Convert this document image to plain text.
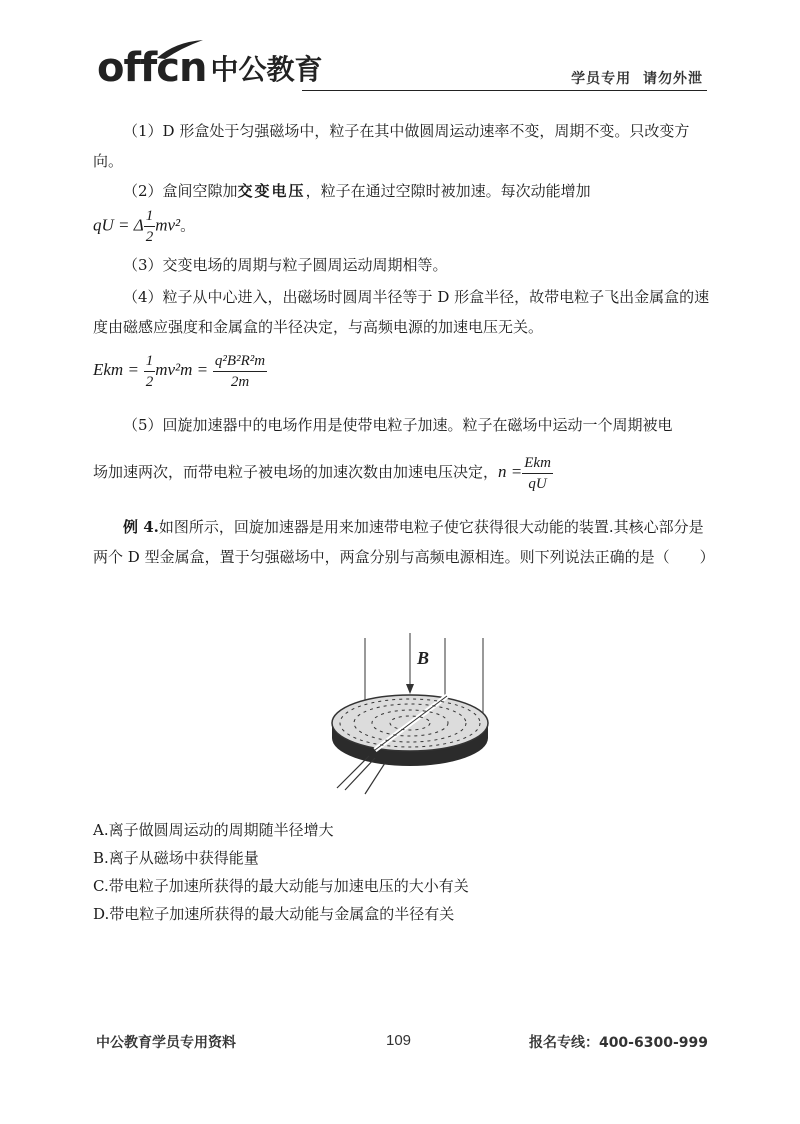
offcn 中公教育	学员专用 请勿外泄
（1）D 形盒处于匀强磁场中，粒子在其中做圆周运动速率不变，周期不变。只改变方向。
（2）盒间空隙加交变电压，粒子在通过空隙时被加速。每次动能增加
qU = Δ $\frac{1}{2} mv^2$。
（3）交变电场的周期与粒子圆周运动周期相等。
（4）粒子从中心进入，出磁场时圆周半径等于 D 形盒半径，故带电粒子飞出金属盒的速度由磁感应强度和金属盒的半径决定，与高频电源的加速电压无关。
Ekm = $\frac{1}{2} mv^2m = \frac{\text{q²B²R²m}}{2m}$
（5）回旋加速器中的电场作用是使带电粒子加速。粒子在磁场中运动一个周期被电
场加速两次，而带电粒子被电场的加速次数由加速电压决定，$n = \frac{\text{Ekm}}{qU}$
例 4.如图所示，回旋加速器是用来加速带电粒子使它获得很大动能的装置.其核心部分是两个 D 型金属盒，置于匀强磁场中，两盒分别与高频电源相连。则下列说法正确的是（　　）
B
A.离子做圆周运动的周期随半径增大
B.离子从磁场中获得能量
C.带电粒子加速所获得的最大动能与加速电压的大小有关
D.带电粒子加速所获得的最大动能与金属盒的半径有关
中公教育学员专用资料	109	报名专线：400-6300-999
